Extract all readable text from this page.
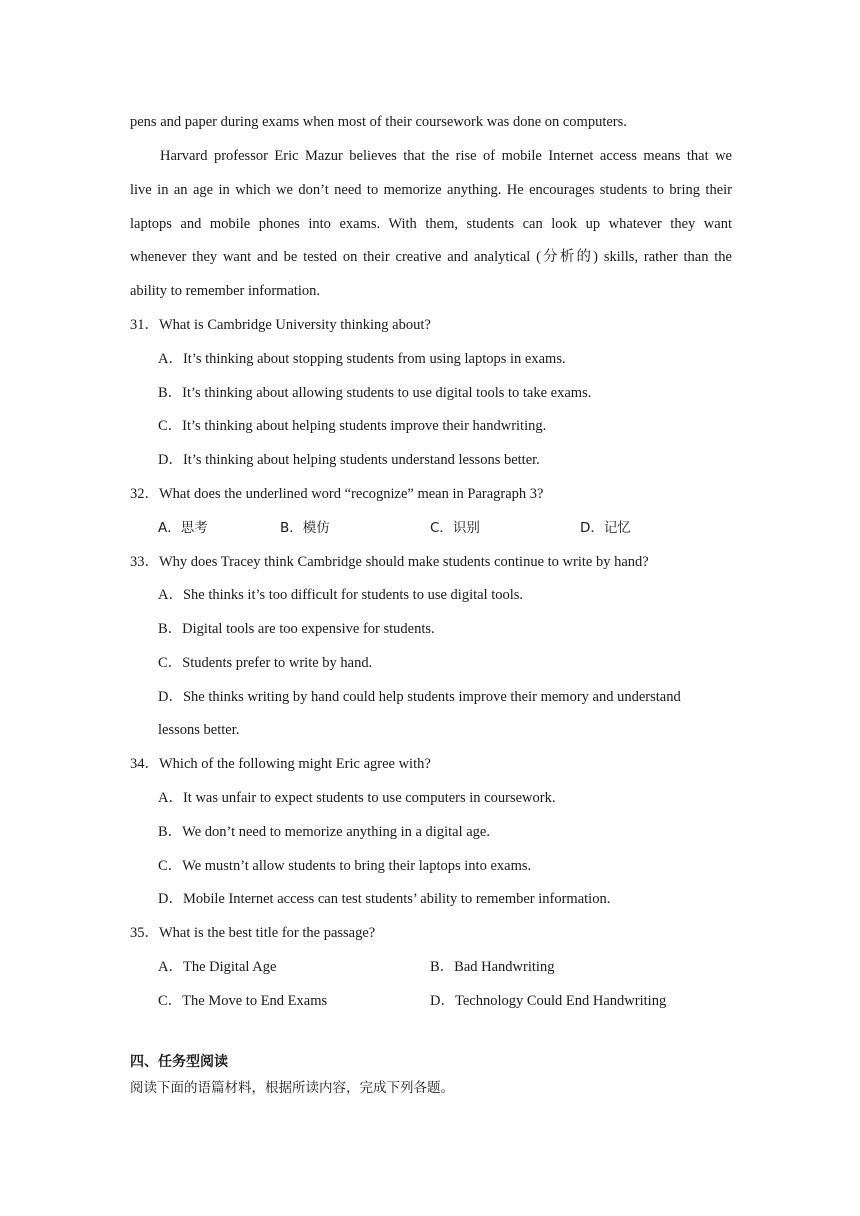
pens and paper during exams when most of their coursework was done on computers.
Harvard professor Eric Mazur believes that the rise of mobile Internet access means that we
live in an age in which we don’t need to memorize anything. He encourages students to bring their
laptops and mobile phones into exams. With them, students can look up whatever they want
whenever they want and be tested on their creative and analytical (分析的) skills, rather than the
ability to remember information.
31．What is Cambridge University thinking about?
A．It’s thinking about stopping students from using laptops in exams.
B．It’s thinking about allowing students to use digital tools to take exams.
C．It’s thinking about helping students improve their handwriting.
D．It’s thinking about helping students understand lessons better.
32．What does the underlined word “recognize” mean in Paragraph 3?
A．思考	B．模仿	C．识别	D．记忆
33．Why does Tracey think Cambridge should make students continue to write by hand?
A．She thinks it’s too difficult for students to use digital tools.
B．Digital tools are too expensive for students.
C．Students prefer to write by hand.
D．She thinks writing by hand could help students improve their memory and understand
lessons better.
34．Which of the following might Eric agree with?
A．It was unfair to expect students to use computers in coursework.
B．We don’t need to memorize anything in a digital age.
C．We mustn’t allow students to bring their laptops into exams.
D．Mobile Internet access can test students’ ability to remember information.
35．What is the best title for the passage?
A．The Digital Age	B．Bad Handwriting
C．The Move to End Exams	D．Technology Could End Handwriting
四、任务型阅读
阅读下面的语篇材料，根据所读内容，完成下列各题。
